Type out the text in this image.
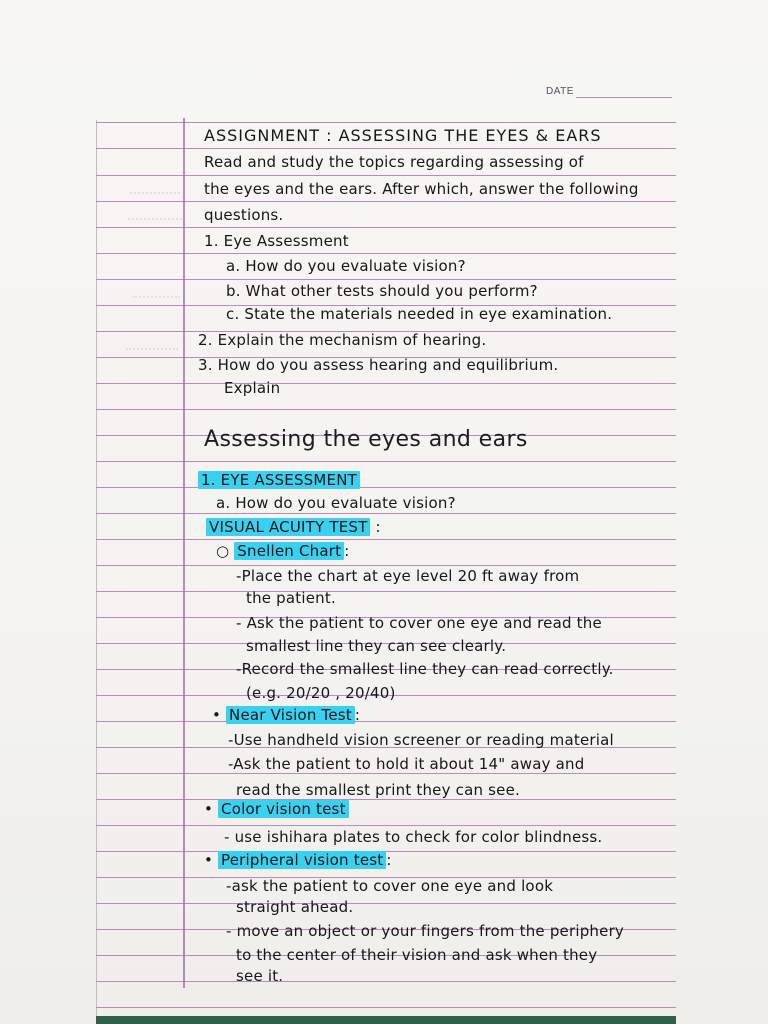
DATE
ASSIGNMENT : ASSESSING THE EYES & EARS
Read and study the topics regarding assessing of
the eyes and the ears. After which, answer the following
questions.
1. Eye Assessment
a. How do you evaluate vision?
b. What other tests should you perform?
c. State the materials needed in eye examination.
2. Explain the mechanism of hearing.
3. How do you assess hearing and equilibrium.
Explain
Assessing the eyes and ears
1. EYE ASSESSMENT
a. How do you evaluate vision?
VISUAL ACUITY TEST :
○ Snellen Chart :
-Place the chart at eye level 20 ft away from
the patient.
- Ask the patient to cover one eye and read the
smallest line they can see clearly.
-Record the smallest line they can read correctly.
(e.g. 20/20 , 20/40)
• Near Vision Test :
-Use handheld vision screener or reading material
-Ask the patient to hold it about 14" away and
read the smallest print they can see.
• Color vision test
- use ishihara plates to check for color blindness.
• Peripheral vision test :
-ask the patient to cover one eye and look
straight ahead.
- move an object or your fingers from the periphery
to the center of their vision and ask when they
see it.
